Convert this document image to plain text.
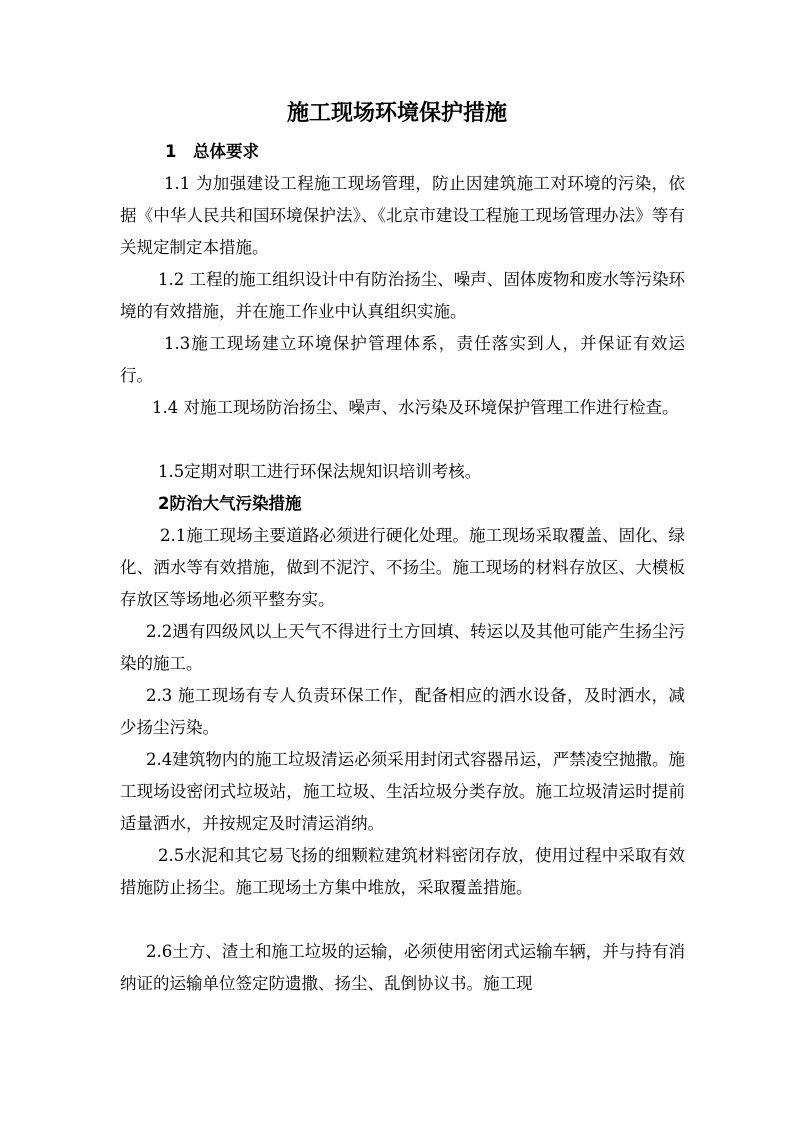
施工现场环境保护措施
1　总体要求

1.1 为加强建设工程施工现场管理，防止因建筑施工对环境的污染，依据《中华人民共和国环境保护法》、《北京市建设工程施工现场管理办法》等有关规定制定本措施。

1.2 工程的施工组织设计中有防治扬尘、噪声、固体废物和废水等污染环境的有效措施，并在施工作业中认真组织实施。

1.3施工现场建立环境保护管理体系，责任落实到人，并保证有效运行。

1.4 对施工现场防治扬尘、噪声、水污染及环境保护管理工作进行检查。

1.5定期对职工进行环保法规知识培训考核。

2防治大气污染措施

2.1施工现场主要道路必须进行硬化处理。施工现场采取覆盖、固化、绿化、洒水等有效措施，做到不泥泞、不扬尘。施工现场的材料存放区、大模板存放区等场地必须平整夯实。

2.2遇有四级风以上天气不得进行土方回填、转运以及其他可能产生扬尘污染的施工。

2.3 施工现场有专人负责环保工作，配备相应的洒水设备，及时洒水，减少扬尘污染。

2.4建筑物内的施工垃圾清运必须采用封闭式容器吊运，严禁凌空抛撒。施工现场设密闭式垃圾站，施工垃圾、生活垃圾分类存放。施工垃圾清运时提前适量洒水，并按规定及时清运消纳。

2.5水泥和其它易飞扬的细颗粒建筑材料密闭存放，使用过程中采取有效措施防止扬尘。施工现场土方集中堆放，采取覆盖措施。

2.6土方、渣土和施工垃圾的运输，必须使用密闭式运输车辆，并与持有消纳证的运输单位签定防遗撒、扬尘、乱倒协议书。施工现
